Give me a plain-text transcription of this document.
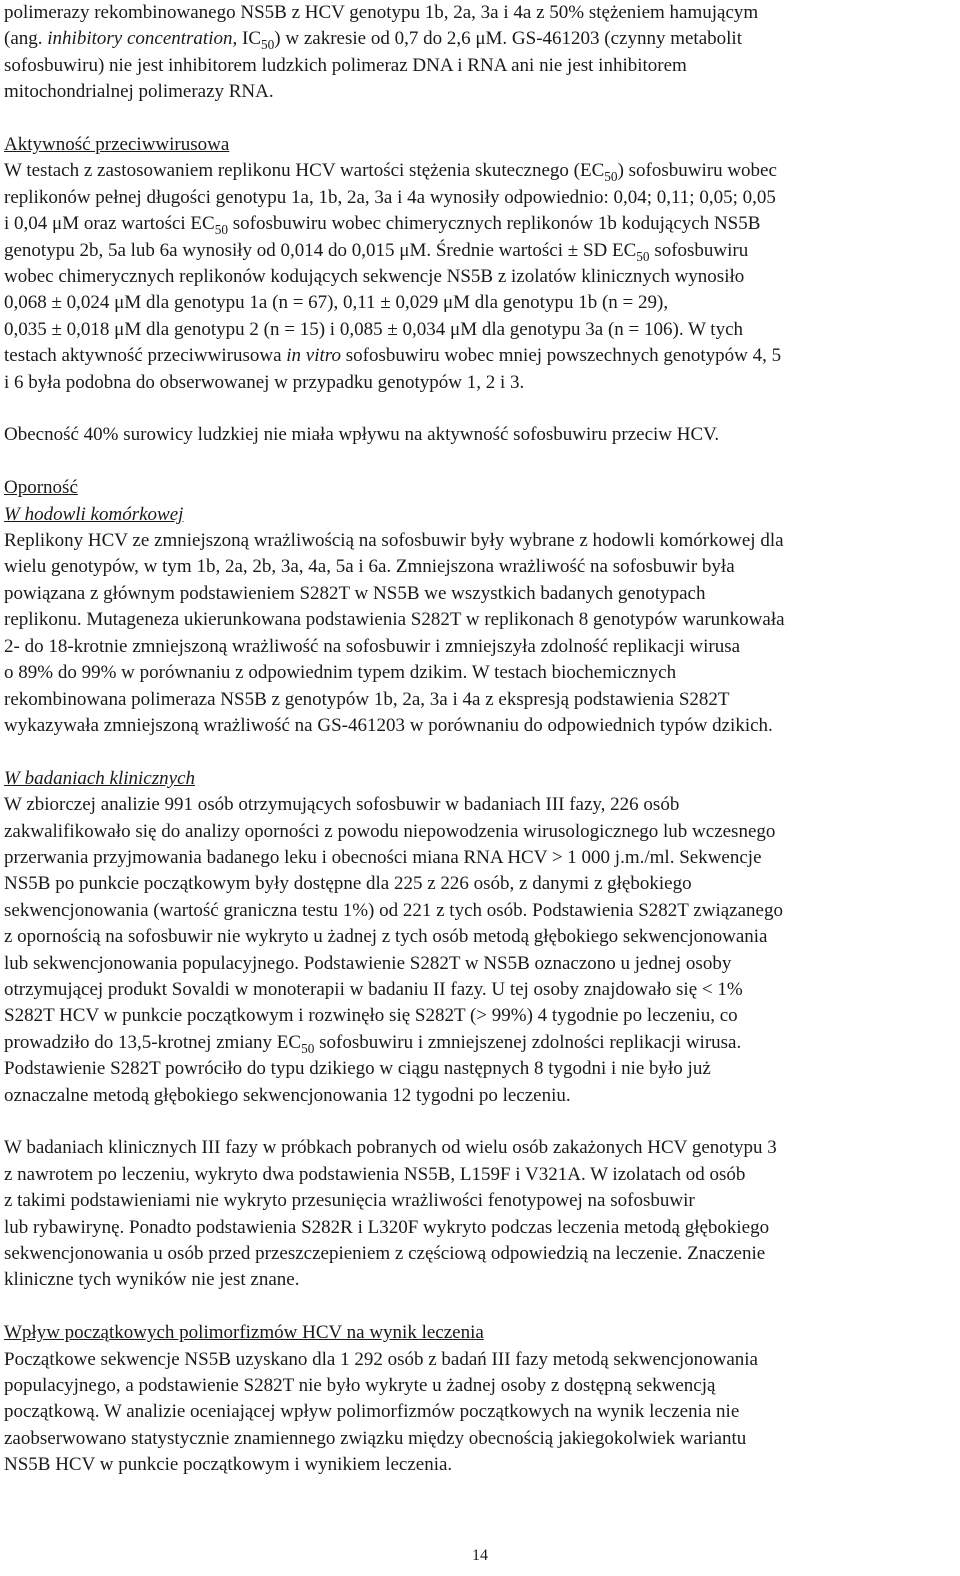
polimerazy rekombinowanego NS5B z HCV genotypu 1b, 2a, 3a i 4a z 50% stężeniem hamującym

(ang. inhibitory concentration, $IC_{50}$) w zakresie od 0,7 do 2,6 μM. GS-461203 (czynny metabolit

sofosbuwiru) nie jest inhibitorem ludzkich polimeraz DNA i RNA ani nie jest inhibitorem

mitochondrialnej polimerazy RNA.

Aktywność przeciwwirusowa

W testach z zastosowaniem replikonu HCV wartości stężenia skutecznego $(EC_{50})$ sofosbuwiru wobec

replikonów pełnej długości genotypu 1a, 1b, 2a, 3a i 4a wynosiły odpowiednio: 0,04; 0,11; 0,05; 0,05

i 0,04 μM oraz wartości $EC_{50}$ sofosbuwiru wobec chimerycznych replikonów 1b kodujących NS5B

genotypu 2b, 5a lub 6a wynosiły od 0,014 do 0,015 μM. Średnie wartości ± SD $EC_{50}$ sofosbuwiru

wobec chimerycznych replikonów kodujących sekwencje NS5B z izolatów klinicznych wynosiło

0,068 ± 0,024 μM dla genotypu 1a (n = 67), 0,11 ± 0,029 μM dla genotypu 1b (n = 29),

0,035 ± 0,018 μM dla genotypu 2 (n = 15) i 0,085 ± 0,034 μM dla genotypu 3a (n = 106). W tych

testach aktywność przeciwwirusowa in vitro sofosbuwiru wobec mniej powszechnych genotypów 4, 5

i 6 była podobna do obserwowanej w przypadku genotypów 1, 2 i 3.

Obecność 40% surowicy ludzkiej nie miała wpływu na aktywność sofosbuwiru przeciw HCV.

Oporność

W hodowli komórkowej

Replikony HCV ze zmniejszoną wrażliwością na sofosbuwir były wybrane z hodowli komórkowej dla

wielu genotypów, w tym 1b, 2a, 2b, 3a, 4a, 5a i 6a. Zmniejszona wrażliwość na sofosbuwir była

powiązana z głównym podstawieniem S282T w NS5B we wszystkich badanych genotypach

replikonu. Mutageneza ukierunkowana podstawienia S282T w replikonach 8 genotypów warunkowała

2- do 18-krotnie zmniejszoną wrażliwość na sofosbuwir i zmniejszyła zdolność replikacji wirusa

o 89% do 99% w porównaniu z odpowiednim typem dzikim. W testach biochemicznych

rekombinowana polimeraza NS5B z genotypów 1b, 2a, 3a i 4a z ekspresją podstawienia S282T

wykazywała zmniejszoną wrażliwość na GS-461203 w porównaniu do odpowiednich typów dzikich.

W badaniach klinicznych

W zbiorczej analizie 991 osób otrzymujących sofosbuwir w badaniach III fazy, 226 osób

zakwalifikowało się do analizy oporności z powodu niepowodzenia wirusologicznego lub wczesnego

przerwania przyjmowania badanego leku i obecności miana RNA HCV > 1 000 j.m./ml. Sekwencje

NS5B po punkcie początkowym były dostępne dla 225 z 226 osób, z danymi z głębokiego

sekwencjonowania (wartość graniczna testu 1%) od 221 z tych osób. Podstawienia S282T związanego

z opornością na sofosbuwir nie wykryto u żadnej z tych osób metodą głębokiego sekwencjonowania

lub sekwencjonowania populacyjnego. Podstawienie S282T w NS5B oznaczono u jednej osoby

otrzymującej produkt Sovaldi w monoterapii w badaniu II fazy. U tej osoby znajdowało się < 1%

S282T HCV w punkcie początkowym i rozwinęło się S282T (> 99%) 4 tygodnie po leczeniu, co

prowadziło do 13,5-krotnej zmiany $EC_{50}$ sofosbuwiru i zmniejszenej zdolności replikacji wirusa.

Podstawienie S282T powróciło do typu dzikiego w ciągu następnych 8 tygodni i nie było już

oznaczalne metodą głębokiego sekwencjonowania 12 tygodni po leczeniu.

W badaniach klinicznych III fazy w próbkach pobranych od wielu osób zakażonych HCV genotypu 3

z nawrotem po leczeniu, wykryto dwa podstawienia NS5B, L159F i V321A. W izolatach od osób

z takimi podstawieniami nie wykryto przesunięcia wrażliwości fenotypowej na sofosbuwir

lub rybawirynę. Ponadto podstawienia S282R i L320F wykryto podczas leczenia metodą głębokiego

sekwencjonowania u osób przed przeszczepieniem z częściową odpowiedzią na leczenie. Znaczenie

kliniczne tych wyników nie jest znane.

Wpływ początkowych polimorfizmów HCV na wynik leczenia

Początkowe sekwencje NS5B uzyskano dla 1 292 osób z badań III fazy metodą sekwencjonowania

populacyjnego, a podstawienie S282T nie było wykryte u żadnej osoby z dostępną sekwencją

początkową. W analizie oceniającej wpływ polimorfizmów początkowych na wynik leczenia nie

zaobserwowano statystycznie znamiennego związku między obecnością jakiegokolwiek wariantu

NS5B HCV w punkcie początkowym i wynikiem leczenia.

14
